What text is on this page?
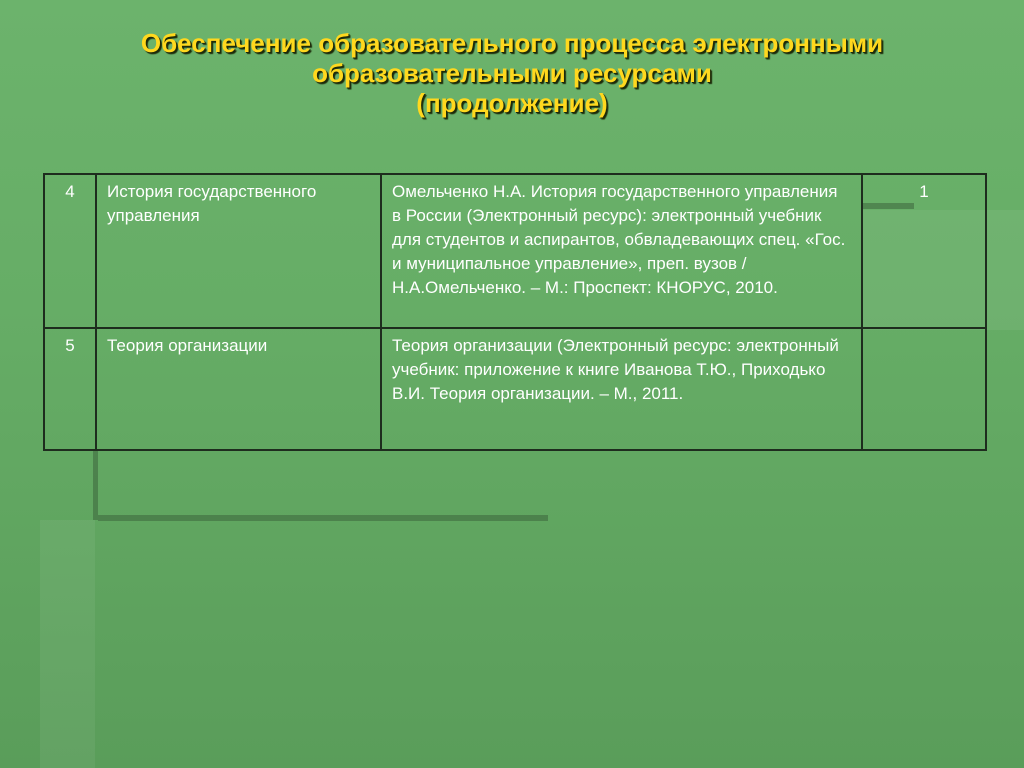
Обеспечение образовательного процесса электронными
образовательными ресурсами
(продолжение)
4	История государственного управления	Омельченко Н.А. История государственного управления в России (Электронный ресурс): электронный учебник для студентов и аспирантов, обвладевающих спец. «Гос. и муниципальное управление», преп. вузов / Н.А.Омельченко. – М.: Проспект: КНОРУС, 2010.	1
5	Теория организации	Теория организации (Электронный ресурс: электронный учебник: приложение к книге Иванова Т.Ю., Приходько В.И. Теория организации. – М., 2011.	
